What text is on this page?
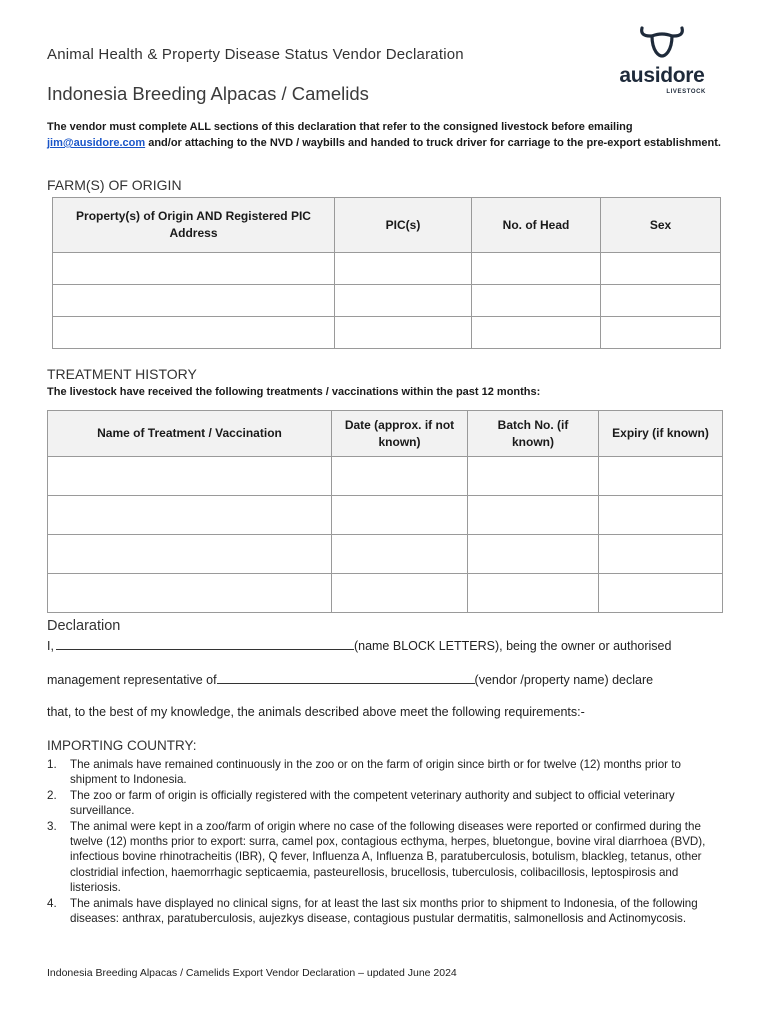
Animal Health & Property Disease Status Vendor Declaration
Indonesia Breeding Alpacas / Camelids
ausidore
LIVESTOCK
The vendor must complete ALL sections of this declaration that refer to the consigned livestock before emailing jim@ausidore.com and/or attaching to the NVD / waybills and handed to truck driver for carriage to the pre-export establishment.
FARM(S) OF ORIGIN
Property(s) of Origin AND Registered PIC Address	PIC(s)	No. of Head	Sex

TREATMENT HISTORY
The livestock have received the following treatments / vaccinations within the past 12 months:
Name of Treatment / Vaccination	Date (approx. if not known)	Batch No. (if known)	Expiry (if known)

Declaration
I,	(name BLOCK LETTERS), being the owner or authorised
management representative of	(vendor /property name) declare
that, to the best of my knowledge, the animals described above meet the following requirements:-
IMPORTING COUNTRY:
1. The animals have remained continuously in the zoo or on the farm of origin since birth or for twelve (12) months prior to shipment to Indonesia.
2. The zoo or farm of origin is officially registered with the competent veterinary authority and subject to official veterinary surveillance.
3. The animal were kept in a zoo/farm of origin where no case of the following diseases were reported or confirmed during the twelve (12) months prior to export: surra, camel pox, contagious ecthyma, herpes, bluetongue, bovine viral diarrhoea (BVD), infectious bovine rhinotracheitis (IBR), Q fever, Influenza A, Influenza B, paratuberculosis, botulism, blackleg, tetanus, other clostridial infection, haemorrhagic septicaemia, pasteurellosis, brucellosis, tuberculosis, colibacillosis, leptospirosis and listeriosis.
4. The animals have displayed no clinical signs, for at least the last six months prior to shipment to Indonesia, of the following diseases: anthrax, paratuberculosis, aujezkys disease, contagious pustular dermatitis, salmonellosis and Actinomycosis.
Indonesia Breeding Alpacas / Camelids Export Vendor Declaration – updated June 2024
